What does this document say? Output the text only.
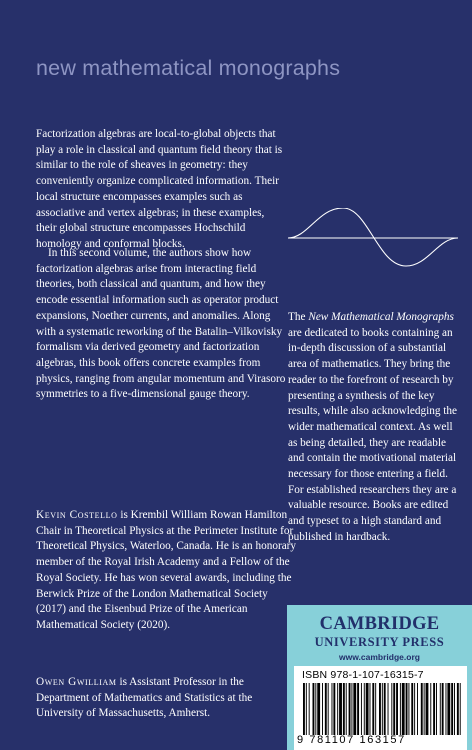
new mathematical monographs

Factorization algebras are local-to-global objects that play a role in classical and quantum field theory that is similar to the role of sheaves in geometry: they conveniently organize complicated information. Their local structure encompasses examples such as associative and vertex algebras; in these examples, their global structure encompasses Hochschild homology and conformal blocks.

In this second volume, the authors show how factorization algebras arise from interacting field theories, both classical and quantum, and how they encode essential information such as operator product expansions, Noether currents, and anomalies. Along with a systematic reworking of the Batalin–Vilkovisky formalism via derived geometry and factorization algebras, this book offers concrete examples from physics, ranging from angular momentum and Virasoro symmetries to a five-dimensional gauge theory.

The New Mathematical Monographs are dedicated to books containing an in-depth discussion of a substantial area of mathematics. They bring the reader to the forefront of research by presenting a synthesis of the key results, while also acknowledging the wider mathematical context. As well as being detailed, they are readable and contain the motivational material necessary for those entering a field. For established researchers they are a valuable resource. Books are edited and typeset to a high standard and published in hardback.
Kevin Costello is Krembil William Rowan Hamilton Chair in Theoretical Physics at the Perimeter Institute for Theoretical Physics, Waterloo, Canada. He is an honorary member of the Royal Irish Academy and a Fellow of the Royal Society. He has won several awards, including the Berwick Prize of the London Mathematical Society (2017) and the Eisenbud Prize of the American Mathematical Society (2020).
Owen Gwilliam is Assistant Professor in the Department of Mathematics and Statistics at the University of Massachusetts, Amherst.
CAMBRIDGE
UNIVERSITY PRESS
www.cambridge.org
ISBN 978-1-107-16315-7
9 781107 163157
